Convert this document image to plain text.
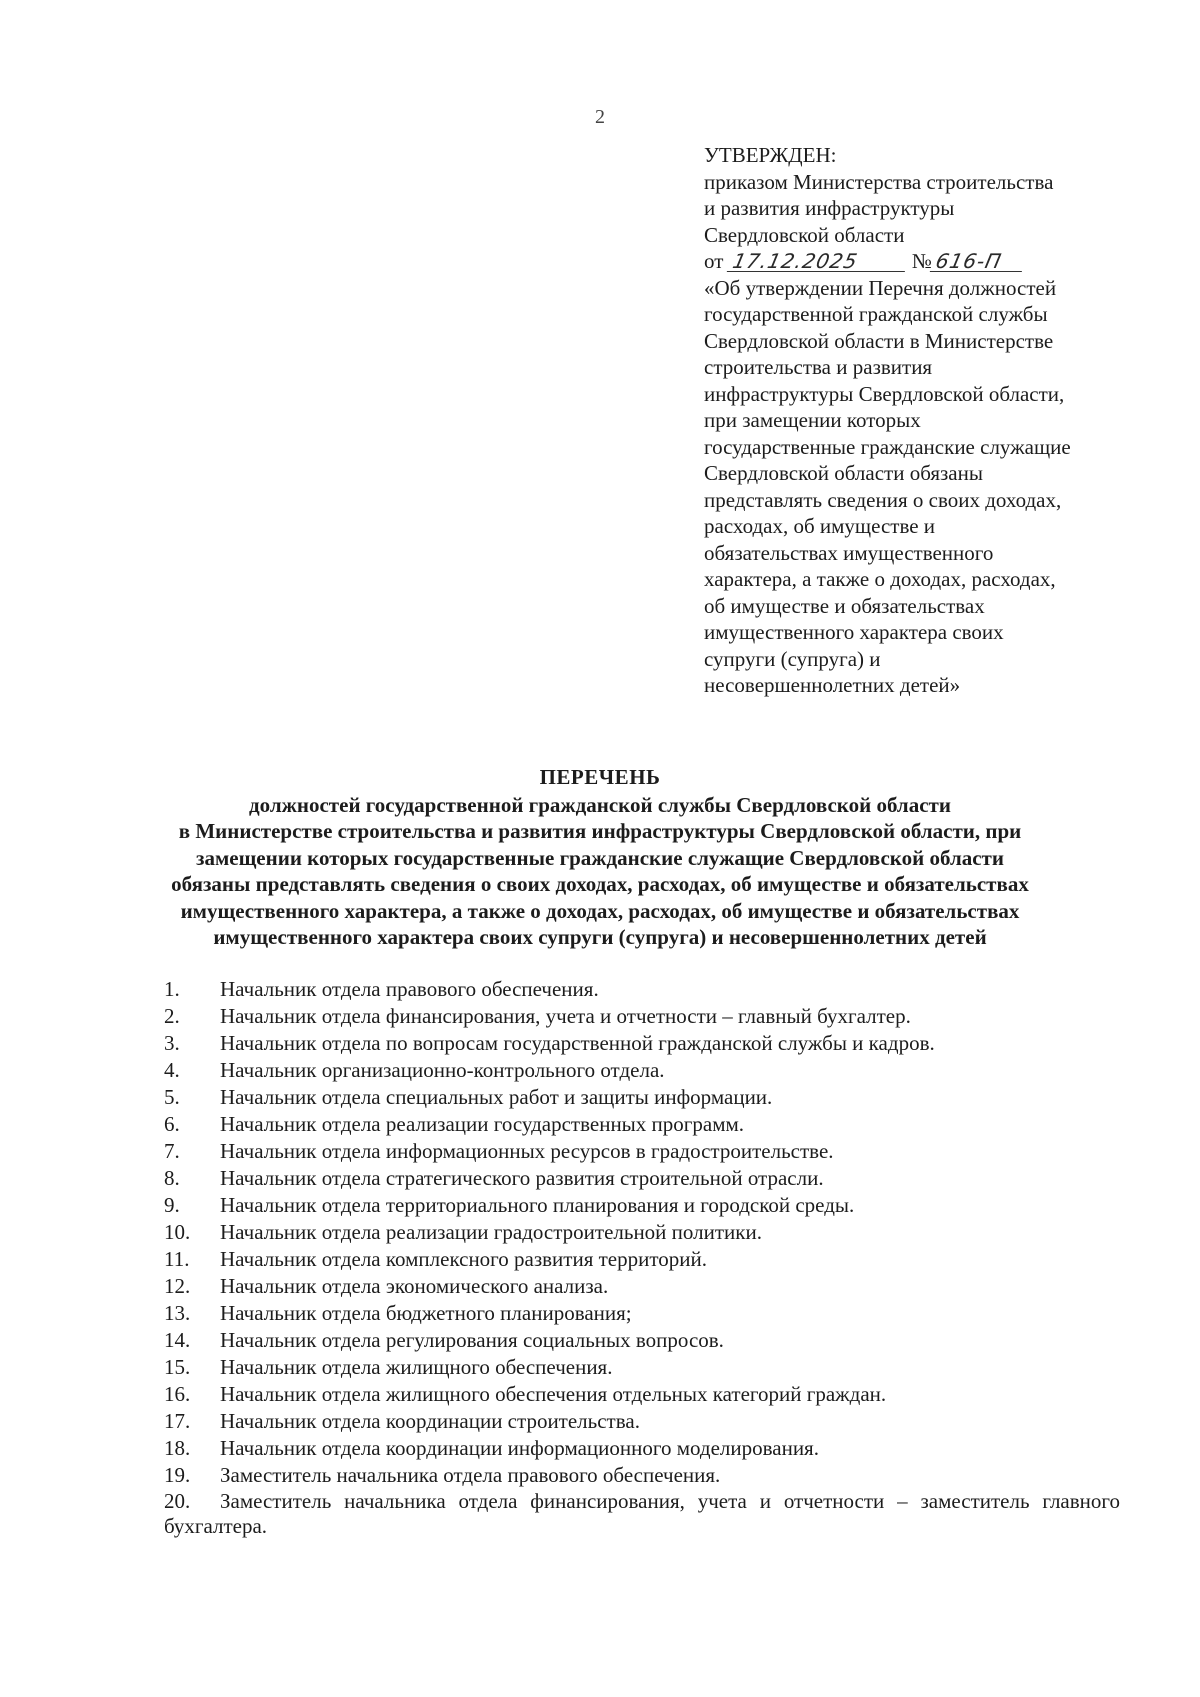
2
УТВЕРЖДЕН:
приказом Министерства строительства
и развития инфраструктуры
Свердловской области
от 17.12.2025 №616-П
«Об утверждении Перечня должностей
государственной гражданской службы
Свердловской области в Министерстве
строительства и развития
инфраструктуры Свердловской области,
при замещении которых
государственные гражданские служащие
Свердловской области обязаны
представлять сведения о своих доходах,
расходах, об имуществе и
обязательствах имущественного
характера, а также о доходах, расходах,
об имуществе и обязательствах
имущественного характера своих
супруги (супруга) и
несовершеннолетних детей»
ПЕРЕЧЕНЬ
должностей государственной гражданской службы Свердловской области
в Министерстве строительства и развития инфраструктуры Свердловской области, при
замещении которых государственные гражданские служащие Свердловской области
обязаны представлять сведения о своих доходах, расходах, об имуществе и обязательствах
имущественного характера, а также о доходах, расходах, об имуществе и обязательствах
имущественного характера своих супруги (супруга) и несовершеннолетних детей
1. Начальник отдела правового обеспечения.
2. Начальник отдела финансирования, учета и отчетности – главный бухгалтер.
3. Начальник отдела по вопросам государственной гражданской службы и кадров.
4. Начальник организационно-контрольного отдела.
5. Начальник отдела специальных работ и защиты информации.
6. Начальник отдела реализации государственных программ.
7. Начальник отдела информационных ресурсов в градостроительстве.
8. Начальник отдела стратегического развития строительной отрасли.
9. Начальник отдела территориального планирования и городской среды.
10. Начальник отдела реализации градостроительной политики.
11. Начальник отдела комплексного развития территорий.
12. Начальник отдела экономического анализа.
13. Начальник отдела бюджетного планирования;
14. Начальник отдела регулирования социальных вопросов.
15. Начальник отдела жилищного обеспечения.
16. Начальник отдела жилищного обеспечения отдельных категорий граждан.
17. Начальник отдела координации строительства.
18. Начальник отдела координации информационного моделирования.
19. Заместитель начальника отдела правового обеспечения.
20. Заместитель начальника отдела финансирования, учета и отчетности – заместитель главного бухгалтера.
